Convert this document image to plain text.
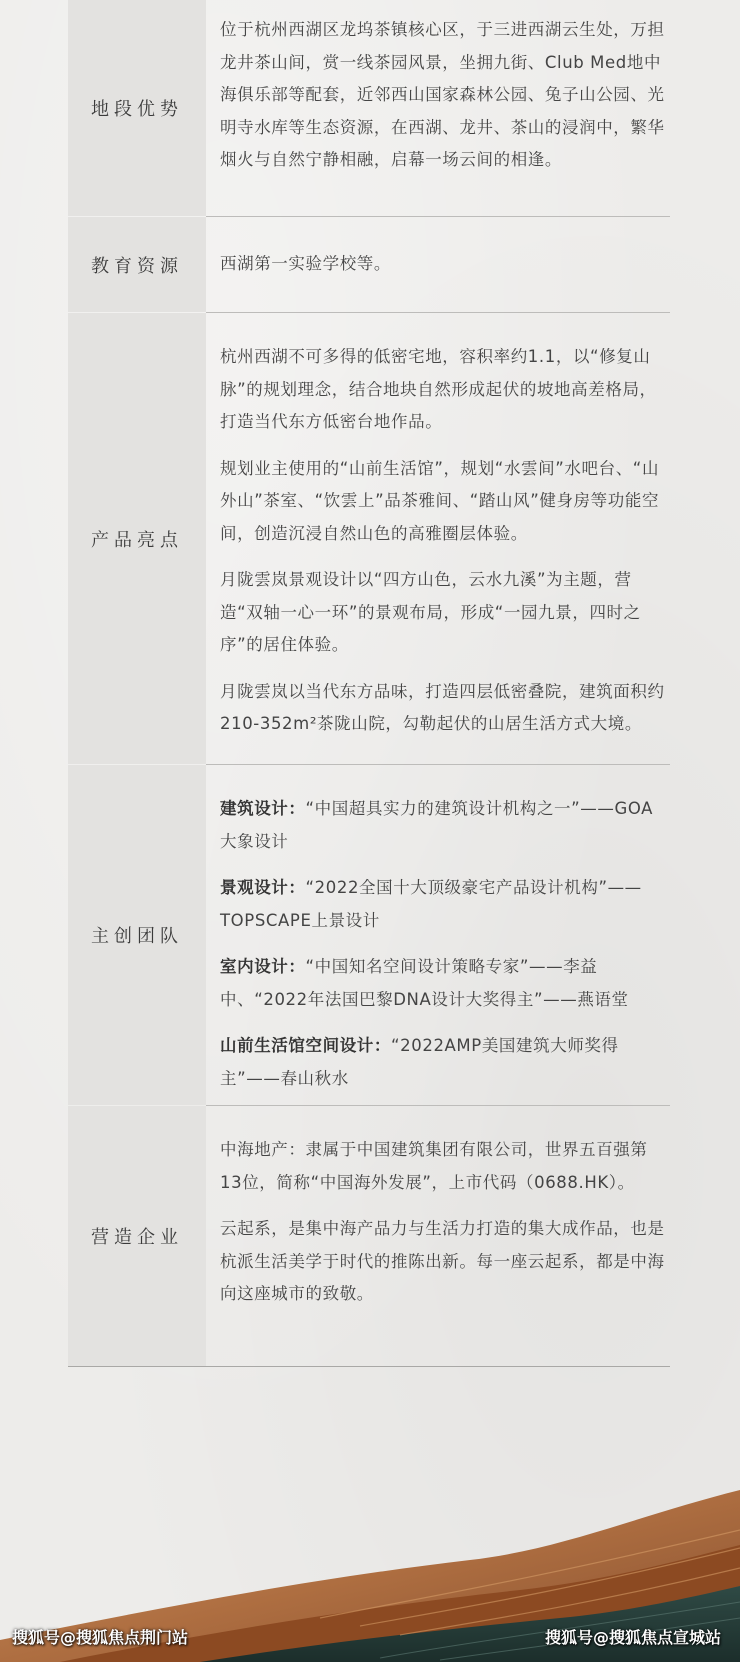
地段优势

位于杭州西湖区龙坞茶镇核心区，于三进西湖云生处，万担龙井茶山间，赏一线茶园风景，坐拥九街、Club Med地中海俱乐部等配套，近邻西山国家森林公园、兔子山公园、光明寺水库等生态资源，在西湖、龙井、茶山的浸润中，繁华烟火与自然宁静相融，启幕一场云间的相逢。

教育资源 西湖第一实验学校等。

产品亮点

杭州西湖不可多得的低密宅地，容积率约1.1，以“修复山脉”的规划理念，结合地块自然形成起伏的坡地高差格局，打造当代东方低密台地作品。

规划业主使用的“山前生活馆”，规划“水雲间”水吧台、“山外山”茶室、“饮雲上”品茶雅间、“踏山风”健身房等功能空间，创造沉浸自然山色的高雅圈层体验。

月陇雲岚景观设计以“四方山色，云水九溪”为主题，营造“双轴一心一环”的景观布局，形成“一园九景，四时之序”的居住体验。

月陇雲岚以当代东方品味，打造四层低密叠院，建筑面积约210-352m²茶陇山院，勾勒起伏的山居生活方式大境。

主创团队

建筑设计：“中国超具实力的建筑设计机构之一”——GOA大象设计

景观设计：“2022全国十大顶级豪宅产品设计机构”——TOPSCAPE上景设计

室内设计：“中国知名空间设计策略专家”——李益中、“2022年法国巴黎DNA设计大奖得主”——燕语堂

山前生活馆空间设计：“2022AMP美国建筑大师奖得主”——春山秋水

营造企业

中海地产：隶属于中国建筑集团有限公司，世界五百强第13位，简称“中国海外发展”，上市代码（0688.HK）。

云起系，是集中海产品力与生活力打造的集大成作品，也是杭派生活美学于时代的推陈出新。每一座云起系，都是中海向这座城市的致敬。

搜狐号@搜狐焦点荆门站	搜狐号@搜狐焦点宣城站
